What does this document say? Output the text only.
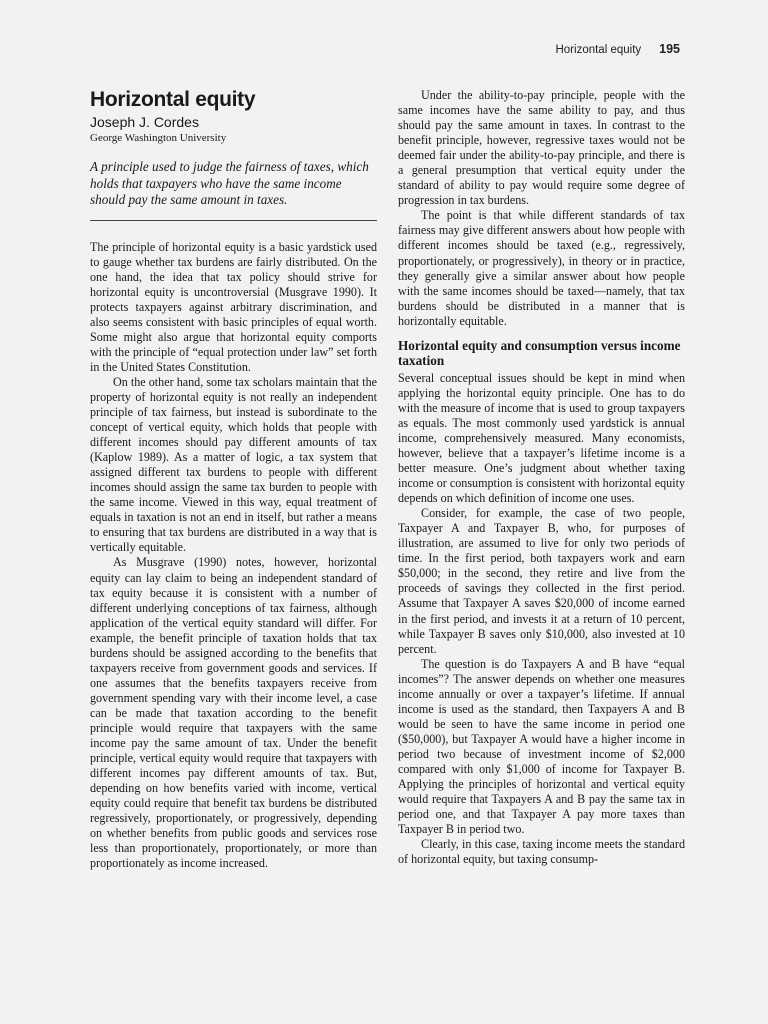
Horizontal equity 195
Horizontal equity

Joseph J. Cordes

George Washington University

A principle used to judge the fairness of taxes, which holds that taxpayers who have the same income should pay the same amount in taxes.

The principle of horizontal equity is a basic yardstick used to gauge whether tax burdens are fairly distributed. On the one hand, the idea that tax policy should strive for horizontal equity is uncontroversial (Musgrave 1990). It protects taxpayers against arbitrary discrimination, and also seems consistent with basic principles of equal worth. Some might also argue that horizontal equity comports with the principle of “equal protection under law” set forth in the United States Constitution.

On the other hand, some tax scholars maintain that the property of horizontal equity is not really an independent principle of tax fairness, but instead is subordinate to the concept of vertical equity, which holds that people with different incomes should pay different amounts of tax (Kaplow 1989). As a matter of logic, a tax system that assigned different tax burdens to people with different incomes should assign the same tax burden to people with the same income. Viewed in this way, equal treatment of equals in taxation is not an end in itself, but rather a means to ensuring that tax burdens are distributed in a way that is vertically equitable.

As Musgrave (1990) notes, however, horizontal equity can lay claim to being an independent standard of tax equity because it is consistent with a number of different underlying conceptions of tax fairness, although application of the vertical equity standard will differ. For example, the benefit principle of taxation holds that tax burdens should be assigned according to the benefits that taxpayers receive from government goods and services. If one assumes that the benefits taxpayers receive from government spending vary with their income level, a case can be made that taxation according to the benefit principle would require that taxpayers with the same income pay the same amount of tax. Under the benefit principle, vertical equity would require that taxpayers with different incomes pay different amounts of tax. But, depending on how benefits varied with income, vertical equity could require that benefit tax burdens be distributed regressively, proportionately, or progressively, depending on whether benefits from public goods and services rose less than proportionately, proportionately, or more than proportionately as income increased.

Under the ability-to-pay principle, people with the same incomes have the same ability to pay, and thus should pay the same amount in taxes. In contrast to the benefit principle, however, regressive taxes would not be deemed fair under the ability-to-pay principle, and there is a general presumption that vertical equity under the standard of ability to pay would require some degree of progression in tax burdens.

The point is that while different standards of tax fairness may give different answers about how people with different incomes should be taxed (e.g., regressively, proportionately, or progressively), in theory or in practice, they generally give a similar answer about how people with the same incomes should be taxed—namely, that tax burdens should be distributed in a manner that is horizontally equitable.

Horizontal equity and consumption versus income taxation

Several conceptual issues should be kept in mind when applying the horizontal equity principle. One has to do with the measure of income that is used to group taxpayers as equals. The most commonly used yardstick is annual income, comprehensively measured. Many economists, however, believe that a taxpayer’s lifetime income is a better measure. One’s judgment about whether taxing income or consumption is consistent with horizontal equity depends on which definition of income one uses.

Consider, for example, the case of two people, Taxpayer A and Taxpayer B, who, for purposes of illustration, are assumed to live for only two periods of time. In the first period, both taxpayers work and earn $50,000; in the second, they retire and live from the proceeds of savings they collected in the first period. Assume that Taxpayer A saves $20,000 of income earned in the first period, and invests it at a return of 10 percent, while Taxpayer B saves only $10,000, also invested at 10 percent.

The question is do Taxpayers A and B have “equal incomes”? The answer depends on whether one measures income annually or over a taxpayer’s lifetime. If annual income is used as the standard, then Taxpayers A and B would be seen to have the same income in period one ($50,000), but Taxpayer A would have a higher income in period two because of investment income of $2,000 compared with only $1,000 of income for Taxpayer B. Applying the principles of horizontal and vertical equity would require that Taxpayers A and B pay the same tax in period one, and that Taxpayer A pay more taxes than Taxpayer B in period two.

Clearly, in this case, taxing income meets the standard of horizontal equity, but taxing consump-
